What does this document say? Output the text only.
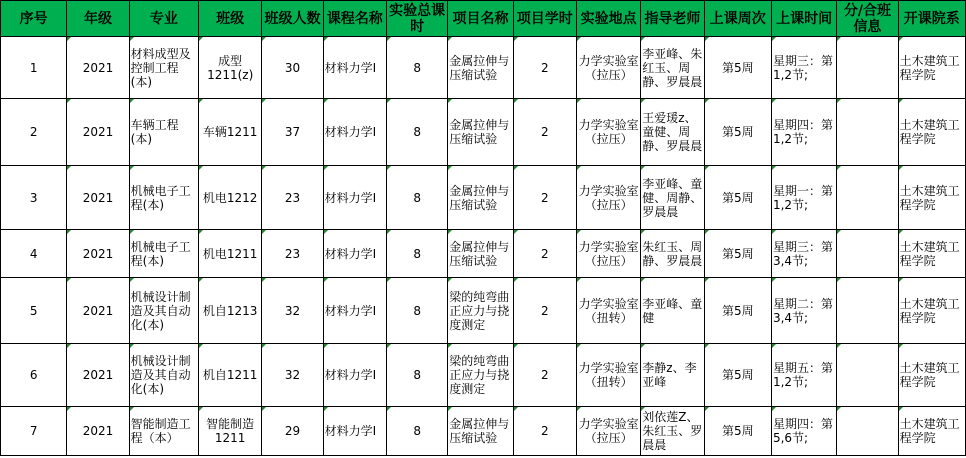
序号	年级	专业	班级	班级人数	课程名称	实验总课时	项目名称	项目学时	实验地点	指导老师	上课周次	上课时间	分/合班信息	开课院系
1	2021	材料成型及控制工程(本)	成型1211(z)	30	材料力学I	8	金属拉伸与压缩试验	2	力学实验室（拉压）	李亚峰、朱红玉、周静、罗晨晨	第5周	星期三：第1,2节;		土木建筑工程学院
2	2021	车辆工程(本)	车辆1211	37	材料力学I	8	金属拉伸与压缩试验	2	力学实验室（拉压）	王爱瑗z、童健、周静、罗晨晨	第5周	星期四：第1,2节;		土木建筑工程学院
3	2021	机械电子工程(本)	机电1212	23	材料力学I	8	金属拉伸与压缩试验	2	力学实验室（拉压）	李亚峰、童健、周静、罗晨晨	第5周	星期一：第1,2节;		土木建筑工程学院
4	2021	机械电子工程(本)	机电1211	23	材料力学I	8	金属拉伸与压缩试验	2	力学实验室（拉压）	朱红玉、周静、罗晨晨	第5周	星期三：第3,4节;		土木建筑工程学院
5	2021	机械设计制造及其自动化(本)	机自1213	32	材料力学I	8	梁的纯弯曲正应力与挠度测定	2	力学实验室（扭转）	李亚峰、童健	第5周	星期二：第3,4节;		土木建筑工程学院
6	2021	机械设计制造及其自动化(本)	机自1211	32	材料力学I	8	梁的纯弯曲正应力与挠度测定	2	力学实验室（扭转）	李静z、李亚峰	第5周	星期五：第1,2节;		土木建筑工程学院
7	2021	智能制造工程（本）	智能制造1211	29	材料力学I	8	金属拉伸与压缩试验	2	力学实验室（拉压）	刘依莲Z、朱红玉、罗晨晨	第5周	星期四：第5,6节;		土木建筑工程学院
